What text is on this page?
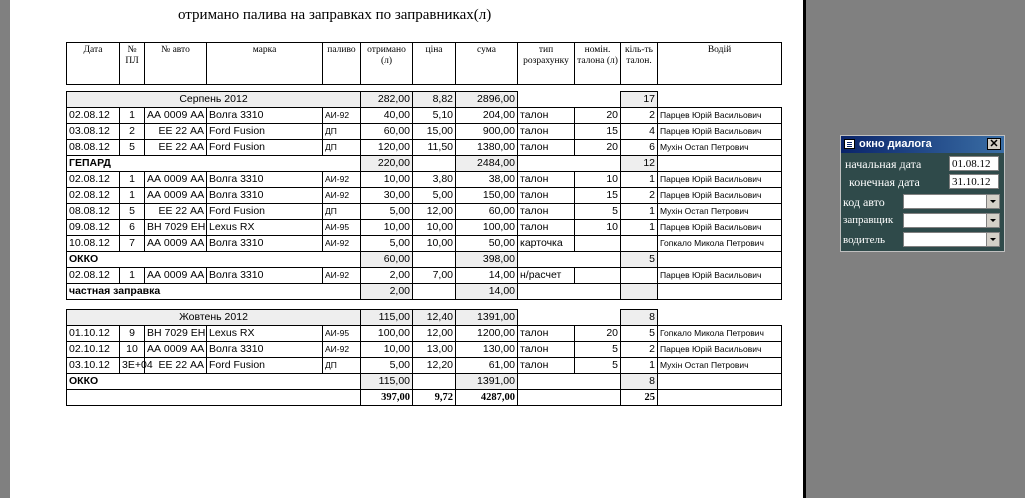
отримано палива на заправках по заправниках(л)
Дата	№ ПЛ	№ авто	марка	паливо	отримано (л)	ціна	сума	тип розрахунку	номін. талона (л)	кіль-ть талон.	Водій

Серпень 2012					282,00	8,82	2896,00			17	
02.08.12	1	АА 0009 АА	Волга 3310	АИ-92	40,00	5,10	204,00	талон	20	2	Парцев Юрій Васильович
03.08.12	2	ЕЕ 22 АА	Ford Fusion	ДП	60,00	15,00	900,00	талон	15	4	Парцев Юрій Васильович
08.08.12	5	ЕЕ 22 АА	Ford Fusion	ДП	120,00	11,50	1380,00	талон	20	6	Мухін Остап Петрович
ГЕПАРД					220,00		2484,00			12	
02.08.12	1	АА 0009 АА	Волга 3310	АИ-92	10,00	3,80	38,00	талон	10	1	Парцев Юрій Васильович
02.08.12	1	АА 0009 АА	Волга 3310	АИ-92	30,00	5,00	150,00	талон	15	2	Парцев Юрій Васильович
08.08.12	5	ЕЕ 22 АА	Ford Fusion	ДП	5,00	12,00	60,00	талон	5	1	Мухін Остап Петрович
09.08.12	6	ВН 7029 ЕН	Lexus RX	АИ-95	10,00	10,00	100,00	талон	10	1	Парцев Юрій Васильович
10.08.12	7	АА 0009 АА	Волга 3310	АИ-92	5,00	10,00	50,00	карточка			Гопкало Микола Петрович
ОККО					60,00		398,00			5	
02.08.12	1	АА 0009 АА	Волга 3310	АИ-92	2,00	7,00	14,00	н/расчет			Парцев Юрій Васильович
частная заправка					2,00		14,00				

Жовтень 2012					115,00	12,40	1391,00			8	
01.10.12	9	ВН 7029 ЕН	Lexus RX	АИ-95	100,00	12,00	1200,00	талон	20	5	Гопкало Микола Петрович
02.10.12	10	АА 0009 АА	Волга 3310	АИ-92	10,00	13,00	130,00	талон	5	2	Парцев Юрій Васильович
03.10.12	3E+04	ЕЕ 22 АА	Ford Fusion	ДП	5,00	12,20	61,00	талон	5	1	Мухін Остап Петрович
ОККО					115,00		1391,00			8	
					397,00	9,72	4287,00			25	
окно диалога	✕
начальная дата	01.08.12
конечная дата	31.10.12
код авто
заправщик
водитель
